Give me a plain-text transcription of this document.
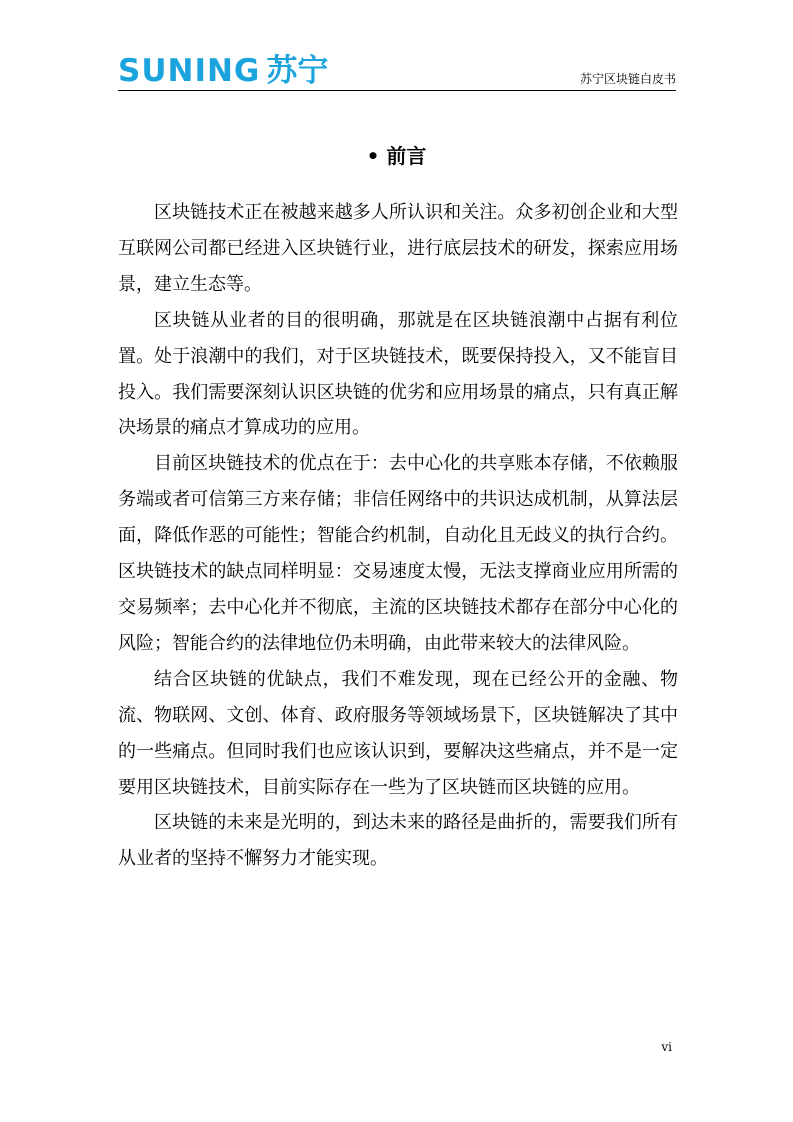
SUNING 苏宁	苏宁区块链白皮书
• 前言

区块链技术正在被越来越多人所认识和关注。众多初创企业和大型互联网公司都已经进入区块链行业，进行底层技术的研发，探索应用场景，建立生态等。

区块链从业者的目的很明确，那就是在区块链浪潮中占据有利位置。处于浪潮中的我们，对于区块链技术，既要保持投入，又不能盲目投入。我们需要深刻认识区块链的优劣和应用场景的痛点，只有真正解决场景的痛点才算成功的应用。

目前区块链技术的优点在于：去中心化的共享账本存储，不依赖服务端或者可信第三方来存储；非信任网络中的共识达成机制，从算法层面，降低作恶的可能性；智能合约机制，自动化且无歧义的执行合约。区块链技术的缺点同样明显：交易速度太慢，无法支撑商业应用所需的交易频率；去中心化并不彻底，主流的区块链技术都存在部分中心化的风险；智能合约的法律地位仍未明确，由此带来较大的法律风险。

结合区块链的优缺点，我们不难发现，现在已经公开的金融、物流、物联网、文创、体育、政府服务等领域场景下，区块链解决了其中的一些痛点。但同时我们也应该认识到，要解决这些痛点，并不是一定要用区块链技术，目前实际存在一些为了区块链而区块链的应用。

区块链的未来是光明的，到达未来的路径是曲折的，需要我们所有从业者的坚持不懈努力才能实现。

vi
